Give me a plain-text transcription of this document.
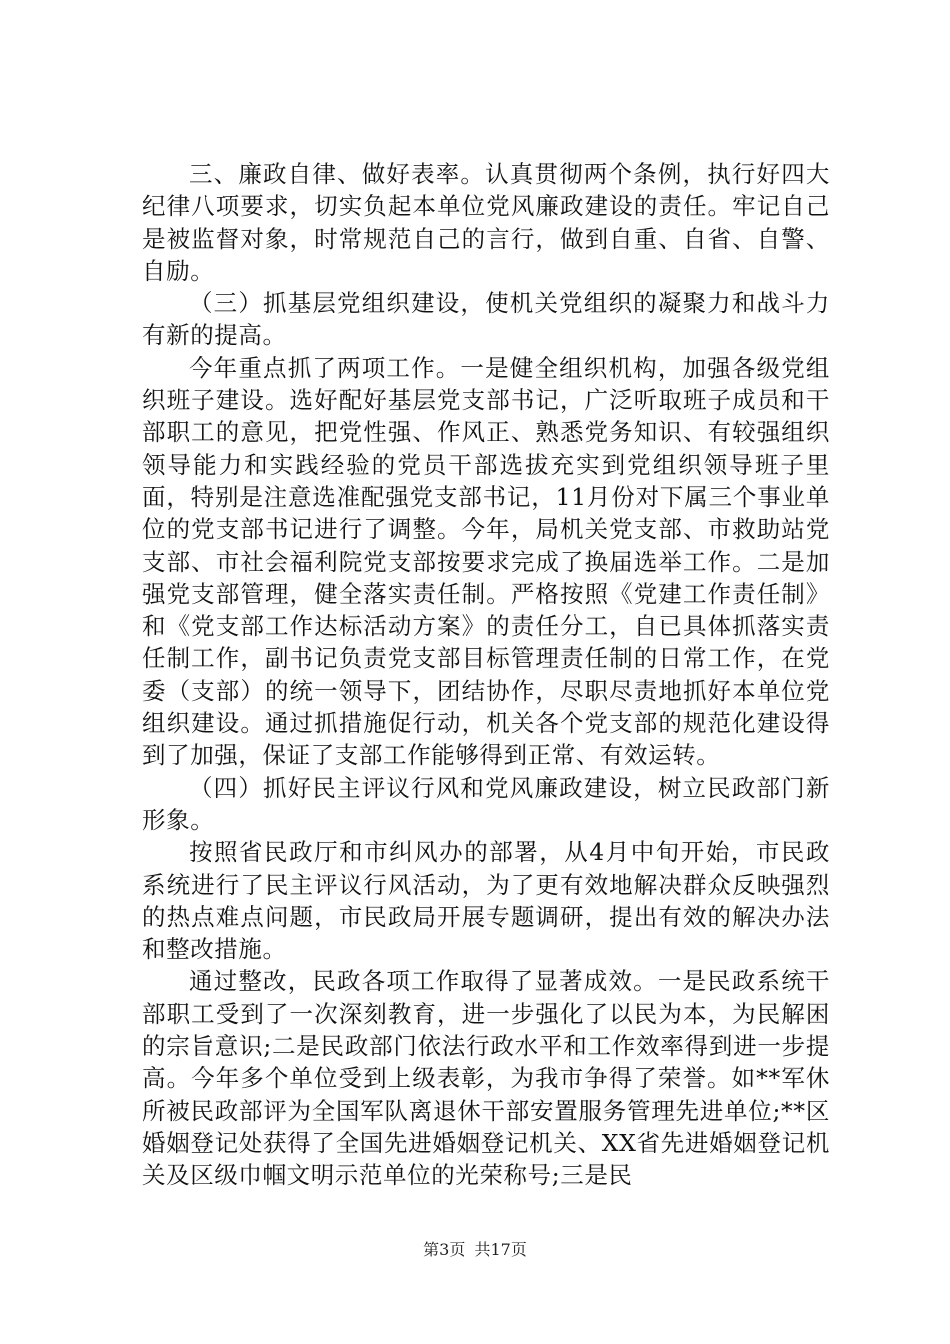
三、廉政自律、做好表率。认真贯彻两个条例，执行好四大纪律八项要求，切实负起本单位党风廉政建设的责任。牢记自己是被监督对象，时常规范自己的言行，做到自重、自省、自警、自励。

（三）抓基层党组织建设，使机关党组织的凝聚力和战斗力有新的提高。

今年重点抓了两项工作。一是健全组织机构，加强各级党组织班子建设。选好配好基层党支部书记，广泛听取班子成员和干部职工的意见，把党性强、作风正、熟悉党务知识、有较强组织领导能力和实践经验的党员干部选拔充实到党组织领导班子里面，特别是注意选准配强党支部书记，11月份对下属三个事业单位的党支部书记进行了调整。今年，局机关党支部、市救助站党支部、市社会福利院党支部按要求完成了换届选举工作。二是加强党支部管理，健全落实责任制。严格按照《党建工作责任制》和《党支部工作达标活动方案》的责任分工，自已具体抓落实责任制工作，副书记负责党支部目标管理责任制的日常工作，在党委（支部）的统一领导下，团结协作，尽职尽责地抓好本单位党组织建设。通过抓措施促行动，机关各个党支部的规范化建设得到了加强，保证了支部工作能够得到正常、有效运转。

（四）抓好民主评议行风和党风廉政建设，树立民政部门新形象。

按照省民政厅和市纠风办的部署，从4月中旬开始，市民政系统进行了民主评议行风活动，为了更有效地解决群众反映强烈的热点难点问题，市民政局开展专题调研，提出有效的解决办法和整改措施。

通过整改，民政各项工作取得了显著成效。一是民政系统干部职工受到了一次深刻教育，进一步强化了以民为本，为民解困的宗旨意识;二是民政部门依法行政水平和工作效率得到进一步提高。今年多个单位受到上级表彰，为我市争得了荣誉。如**军休所被民政部评为全国军队离退休干部安置服务管理先进单位;**区婚姻登记处获得了全国先进婚姻登记机关、XX省先进婚姻登记机关及区级巾帼文明示范单位的光荣称号;三是民

第3页 共17页
